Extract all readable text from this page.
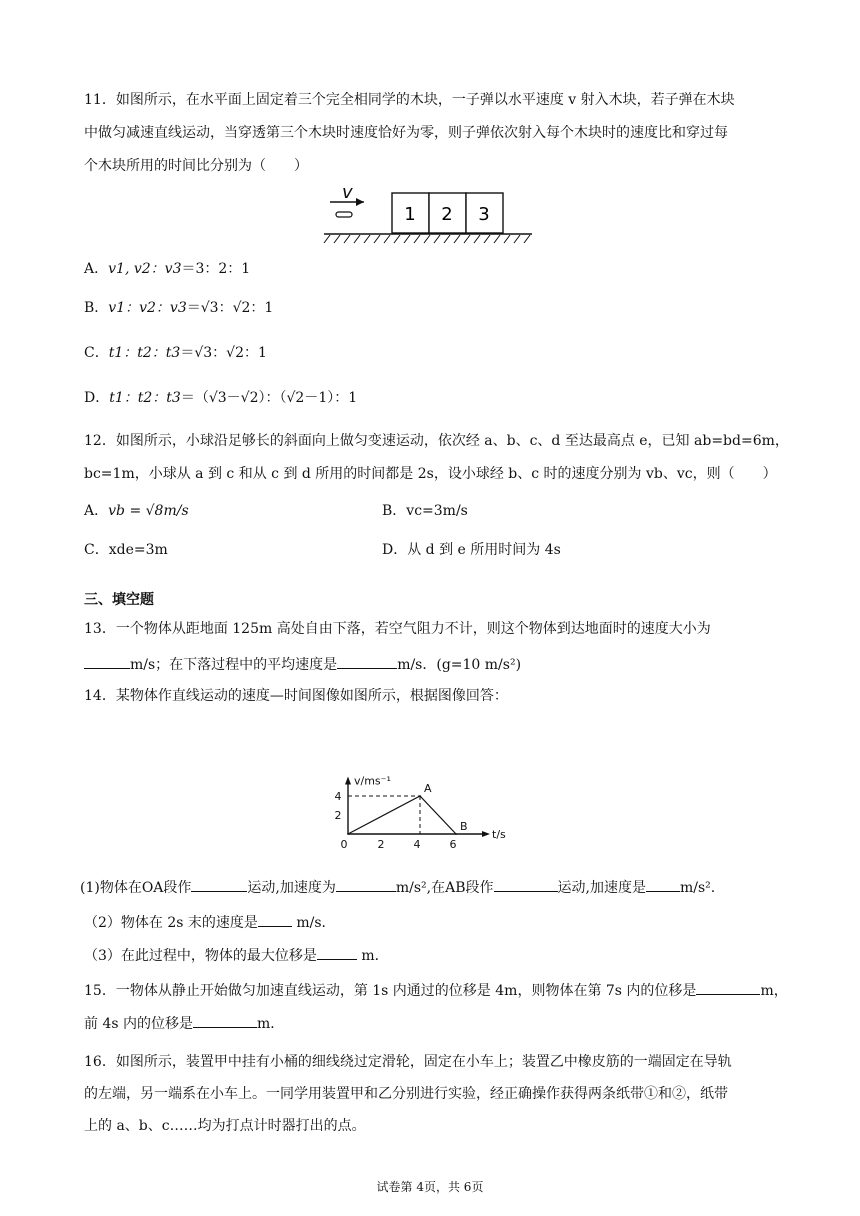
11．如图所示，在水平面上固定着三个完全相同学的木块，一子弹以水平速度 v 射入木块，若子弹在木块
中做匀减速直线运动，当穿透第三个木块时速度恰好为零，则子弹依次射入每个木块时的速度比和穿过每
个木块所用的时间比分别为（　　）
v
1 2 3
A．v1, v2：v3＝3：2：1
B．v1：v2：v3＝√3：√2：1
C．t1：t2：t3＝√3：√2：1
D．t1：t2：t3＝（√3－√2）：（√2－1）：1
12．如图所示，小球沿足够长的斜面向上做匀变速运动，依次经 a、b、c、d 至达最高点 e，已知 ab=bd=6m，
bc=1m，小球从 a 到 c 和从 c 到 d 所用的时间都是 2s，设小球经 b、c 时的速度分别为 vb、vc，则（　　）
A．vb = √8m/s	B．vc=3m/s
C．xde=3m	D．从 d 到 e 所用时间为 4s
三、填空题
13．一个物体从距地面 125m 高处自由下落，若空气阻力不计，则这个物体到达地面时的速度大小为
m/s；在下落过程中的平均速度是	m/s．(g=10 m/s²)
14．某物体作直线运动的速度—时间图像如图所示，根据图像回答：
v/ms⁻¹
t/s
0	2	4	6
2
4
A
B
(1)物体在OA段作	运动,加速度为	m/s²,在AB段作	运动,加速度是 m/s².
（2）物体在 2s 末的速度是 m/s．
（3）在此过程中，物体的最大位移是	m．
15．一物体从静止开始做匀加速直线运动，第 1s 内通过的位移是 4m，则物体在第 7s 内的位移是	m，
前 4s 内的位移是	m．
16．如图所示，装置甲中挂有小桶的细线绕过定滑轮，固定在小车上；装置乙中橡皮筋的一端固定在导轨
的左端，另一端系在小车上。一同学用装置甲和乙分别进行实验，经正确操作获得两条纸带①和②，纸带
上的 a、b、c……均为打点计时器打出的点。
试卷第 4页，共 6页
